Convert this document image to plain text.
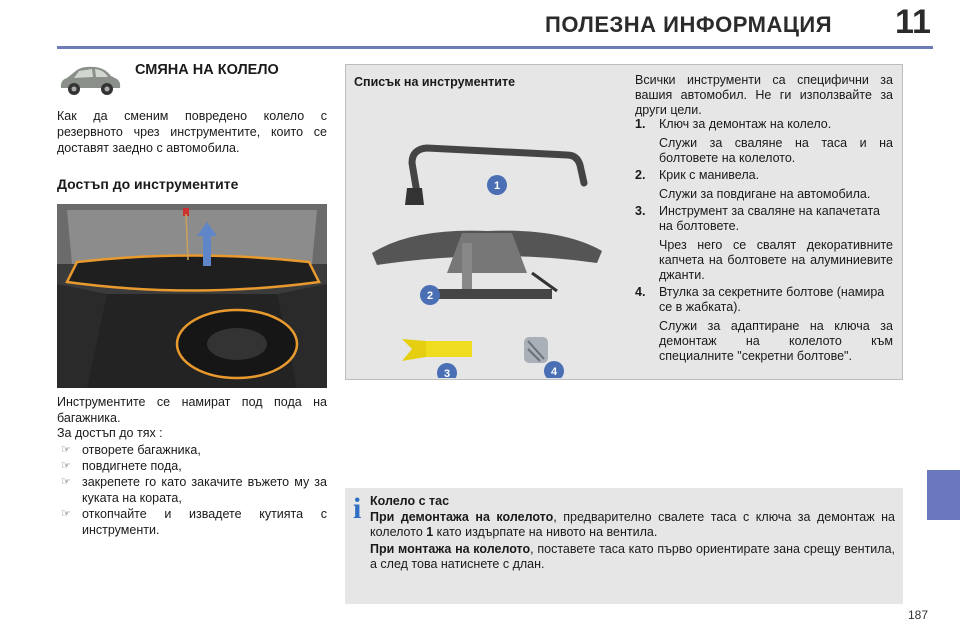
ПОЛЕЗНА ИНФОРМАЦИЯ 11
СМЯНА НА КОЛЕЛО
Как да сменим повредено колело с резервното чрез инструментите, които се доставят заедно с автомобила.
Достъп до инструментите
Инструментите се намират под пода на багажника.
За достъп до тях :
☞ отворете багажника,
☞ повдигнете пода,
☞ закрепете го като закачите въжето му за куката на кората,
☞ откопчайте и извадете кутията с инструменти.
Списък на инструментите
1
2
3	4
Всички инструменти са специфични за вашия автомобил. Не ги използвайте за други цели.
1. Ключ за демонтаж на колело.
Служи за сваляне на таса и на болтовете на колелото.
2. Крик с манивела.
Служи за повдигане на автомобила.
3. Инструмент за сваляне на капачетата на болтовете.
Чрез него се свалят декоративните капчета на болтовете на алуминиевите джанти.
4. Втулка за секретните болтове (намира се в жабката).
Служи за адаптиране на ключа за демонтаж на колелото към специалните "секретни болтове".
i Колело с тас

При демонтажа на колелото, предварително свалете таса с ключа за демонтаж на колелото 1 като издърпате на нивото на вентила.

При монтажа на колелото, поставете таса като първо ориентирате зана срещу вентила, а след това натиснете с длан.

187
